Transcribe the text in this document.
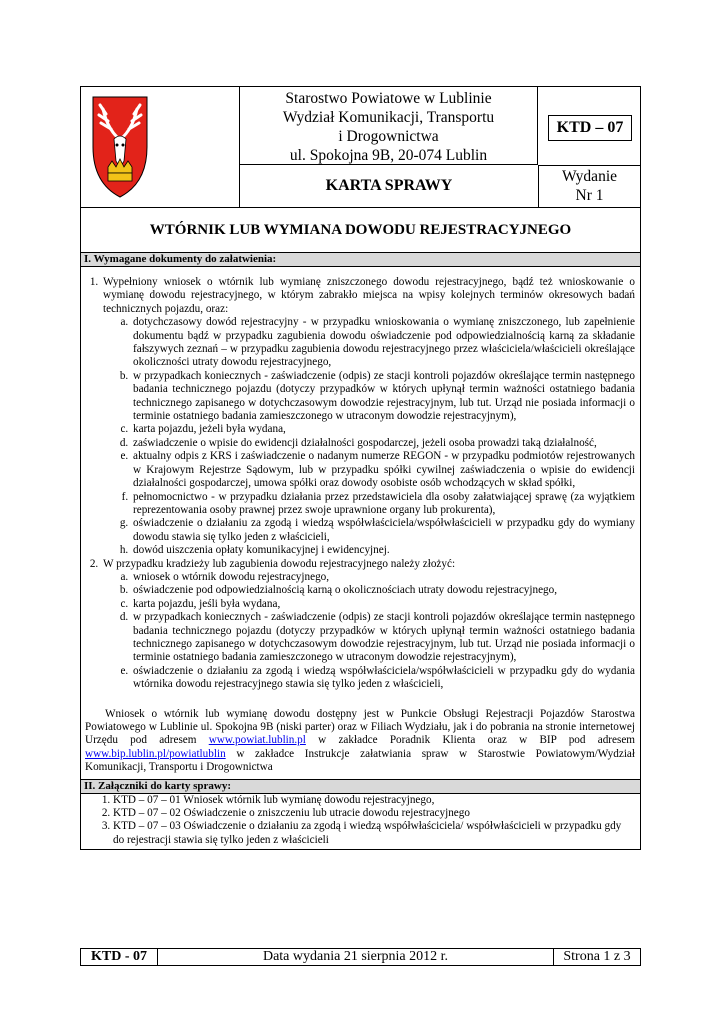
Starostwo Powiatowe w Lublinie
Wydział Komunikacji, Transportu
i Drogownictwa
ul. Spokojna 9B, 20-074 Lublin
KTD – 07
KARTA SPRAWY
Wydanie
Nr 1
WTÓRNIK LUB WYMIANA DOWODU REJESTRACYJNEGO
I. Wymagane dokumenty do załatwienia:
1. Wypełniony wniosek o wtórnik lub wymianę zniszczonego dowodu rejestracyjnego, bądź też wnioskowanie o wymianę dowodu rejestracyjnego, w którym zabrakło miejsca na wpisy kolejnych terminów okresowych badań technicznych pojazdu, oraz:
a. dotychczasowy dowód rejestracyjny - w przypadku wnioskowania o wymianę zniszczonego, lub zapełnienie dokumentu bądź w przypadku zagubienia dowodu oświadczenie pod odpowiedzialnością karną za składanie fałszywych zeznań – w przypadku zagubienia dowodu rejestracyjnego przez właściciela/właścicieli określające okoliczności utraty dowodu rejestracyjnego,
b. w przypadkach koniecznych - zaświadczenie (odpis) ze stacji kontroli pojazdów określające termin następnego badania technicznego pojazdu (dotyczy przypadków w których upłynął termin ważności ostatniego badania technicznego zapisanego w dotychczasowym dowodzie rejestracyjnym, lub tut. Urząd nie posiada informacji o terminie ostatniego badania zamieszczonego w utraconym dowodzie rejestracyjnym),
c. karta pojazdu, jeżeli była wydana,
d. zaświadczenie o wpisie do ewidencji działalności gospodarczej, jeżeli osoba prowadzi taką działalność,
e. aktualny odpis z KRS i zaświadczenie o nadanym numerze REGON - w przypadku podmiotów rejestrowanych w Krajowym Rejestrze Sądowym, lub w przypadku spółki cywilnej zaświadczenia o wpisie do ewidencji działalności gospodarczej, umowa spółki oraz dowody osobiste osób wchodzących w skład spółki,
f. pełnomocnictwo - w przypadku działania przez przedstawiciela dla osoby załatwiającej sprawę (za wyjątkiem reprezentowania osoby prawnej przez swoje uprawnione organy lub prokurenta),
g. oświadczenie o działaniu za zgodą i wiedzą współwłaściciela/współwłaścicieli w przypadku gdy do wymiany dowodu stawia się tylko jeden z właścicieli,
h. dowód uiszczenia opłaty komunikacyjnej i ewidencyjnej.
2. W przypadku kradzieży lub zagubienia dowodu rejestracyjnego należy złożyć:
a. wniosek o wtórnik dowodu rejestracyjnego,
b. oświadczenie pod odpowiedzialnością karną o okolicznościach utraty dowodu rejestracyjnego,
c. karta pojazdu, jeśli była wydana,
d. w przypadkach koniecznych - zaświadczenie (odpis) ze stacji kontroli pojazdów określające termin następnego badania technicznego pojazdu (dotyczy przypadków w których upłynął termin ważności ostatniego badania technicznego zapisanego w dotychczasowym dowodzie rejestracyjnym, lub tut. Urząd nie posiada informacji o terminie ostatniego badania zamieszczonego w utraconym dowodzie rejestracyjnym),
e. oświadczenie o działaniu za zgodą i wiedzą współwłaściciela/współwłaścicieli w przypadku gdy do wydania wtórnika dowodu rejestracyjnego stawia się tylko jeden z właścicieli,
Wniosek o wtórnik lub wymianę dowodu dostępny jest w Punkcie Obsługi Rejestracji Pojazdów Starostwa Powiatowego w Lublinie ul. Spokojna 9B (niski parter) oraz w Filiach Wydziału, jak i do pobrania na stronie internetowej Urzędu pod adresem www.powiat.lublin.pl w zakładce Poradnik Klienta oraz w BIP pod adresem www.bip.lublin.pl/powiatlublin w zakładce Instrukcje załatwiania spraw w Starostwie Powiatowym/Wydział Komunikacji, Transportu i Drogownictwa
II. Załączniki do karty sprawy:
1. KTD – 07 – 01 Wniosek wtórnik lub wymianę dowodu rejestracyjnego,
2. KTD – 07 – 02 Oświadczenie o zniszczeniu lub utracie dowodu rejestracyjnego
3. KTD – 07 – 03 Oświadczenie o działaniu za zgodą i wiedzą współwłaściciela/ współwłaścicieli w przypadku gdy do rejestracji stawia się tylko jeden z właścicieli
KTD - 07	Data wydania 21 sierpnia 2012 r.	Strona 1 z 3
